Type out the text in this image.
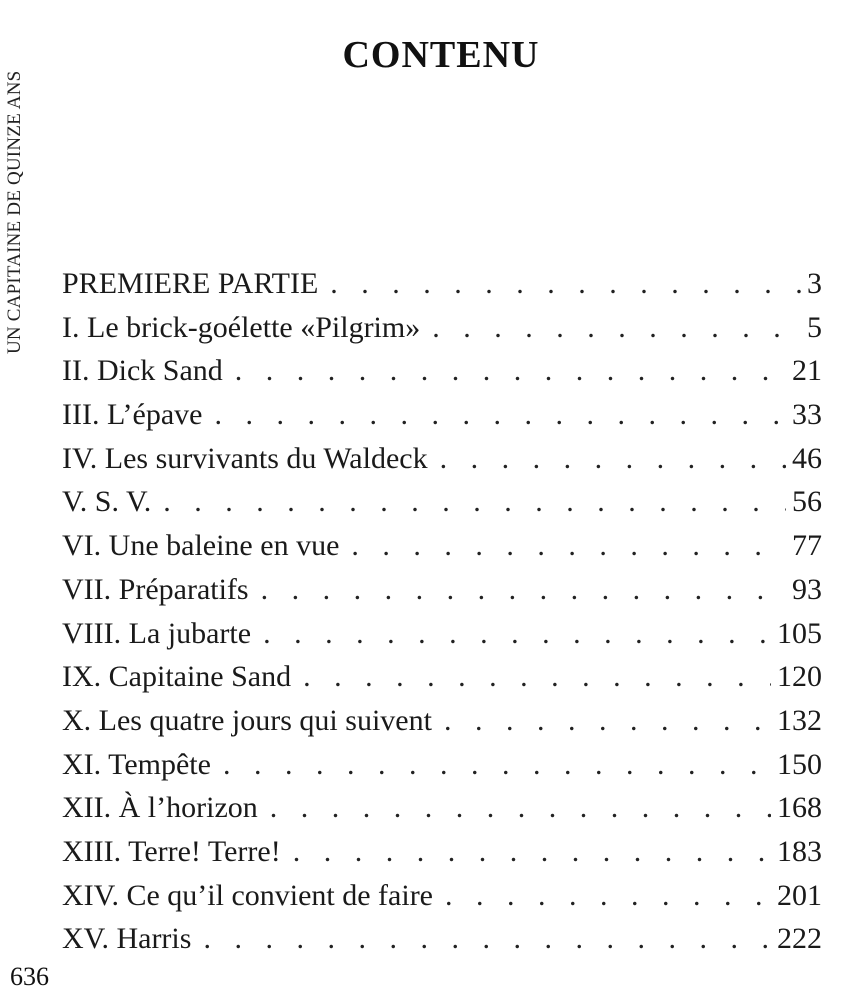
UN CAPITAINE DE QUINZE ANS
CONTENU
PREMIERE PARTIE . . .	3
I. Le brick-goélette «Pilgrim» . . .	5
II. Dick Sand . . .	21
III. L’épave . . .	33
IV. Les survivants du Waldeck . . .	46
V. S. V. . . .	56
VI. Une baleine en vue . . .	77
VII. Préparatifs . . .	93
VIII. La jubarte . . .	105
IX. Capitaine Sand . . .	120
X. Les quatre jours qui suivent . . .	132
XI. Tempête . . .	150
XII. À l’horizon . . .	168
XIII. Terre! Terre! . . .	183
XIV. Ce qu’il convient de faire . . .	201
XV. Harris . . .	222
636
